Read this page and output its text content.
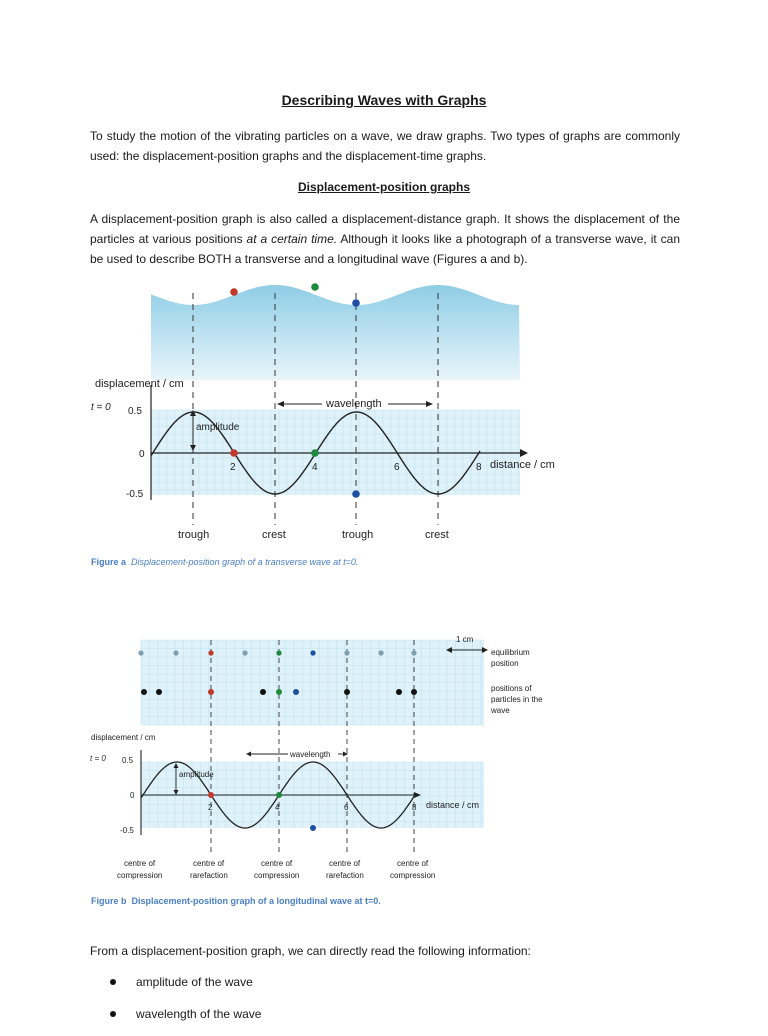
Describing Waves with Graphs

To study the motion of the vibrating particles on a wave, we draw graphs. Two types of graphs are commonly used: the displacement-position graphs and the displacement-time graphs.

Displacement-position graphs

A displacement-position graph is also called a displacement-distance graph. It shows the displacement of the particles at various positions at a certain time. Although it looks like a photograph of a transverse wave, it can be used to describe BOTH a transverse and a longitudinal wave (Figures a and b).

displacement / cm
t = 0 0.5
0
-0.5
2	4	6	8 distance / cm
amplitude
wavelength
trough	crest	trough	crest

Figure a Displacement-position graph of a transverse wave at t=0.

1 cm
equilibrium
position
positions of
particles in the
wave
displacement / cm
t = 0 0.5
0
-0.5
2	4	6	8 distance / cm
amplitude
wavelength
centre of
compression
centre of
rarefaction
centre of
compression
centre of
rarefaction
centre of
compression

Figure b Displacement-position graph of a longitudinal wave at t=0.

From a displacement-position graph, we can directly read the following information:

amplitude of the wave
wavelength of the wave
